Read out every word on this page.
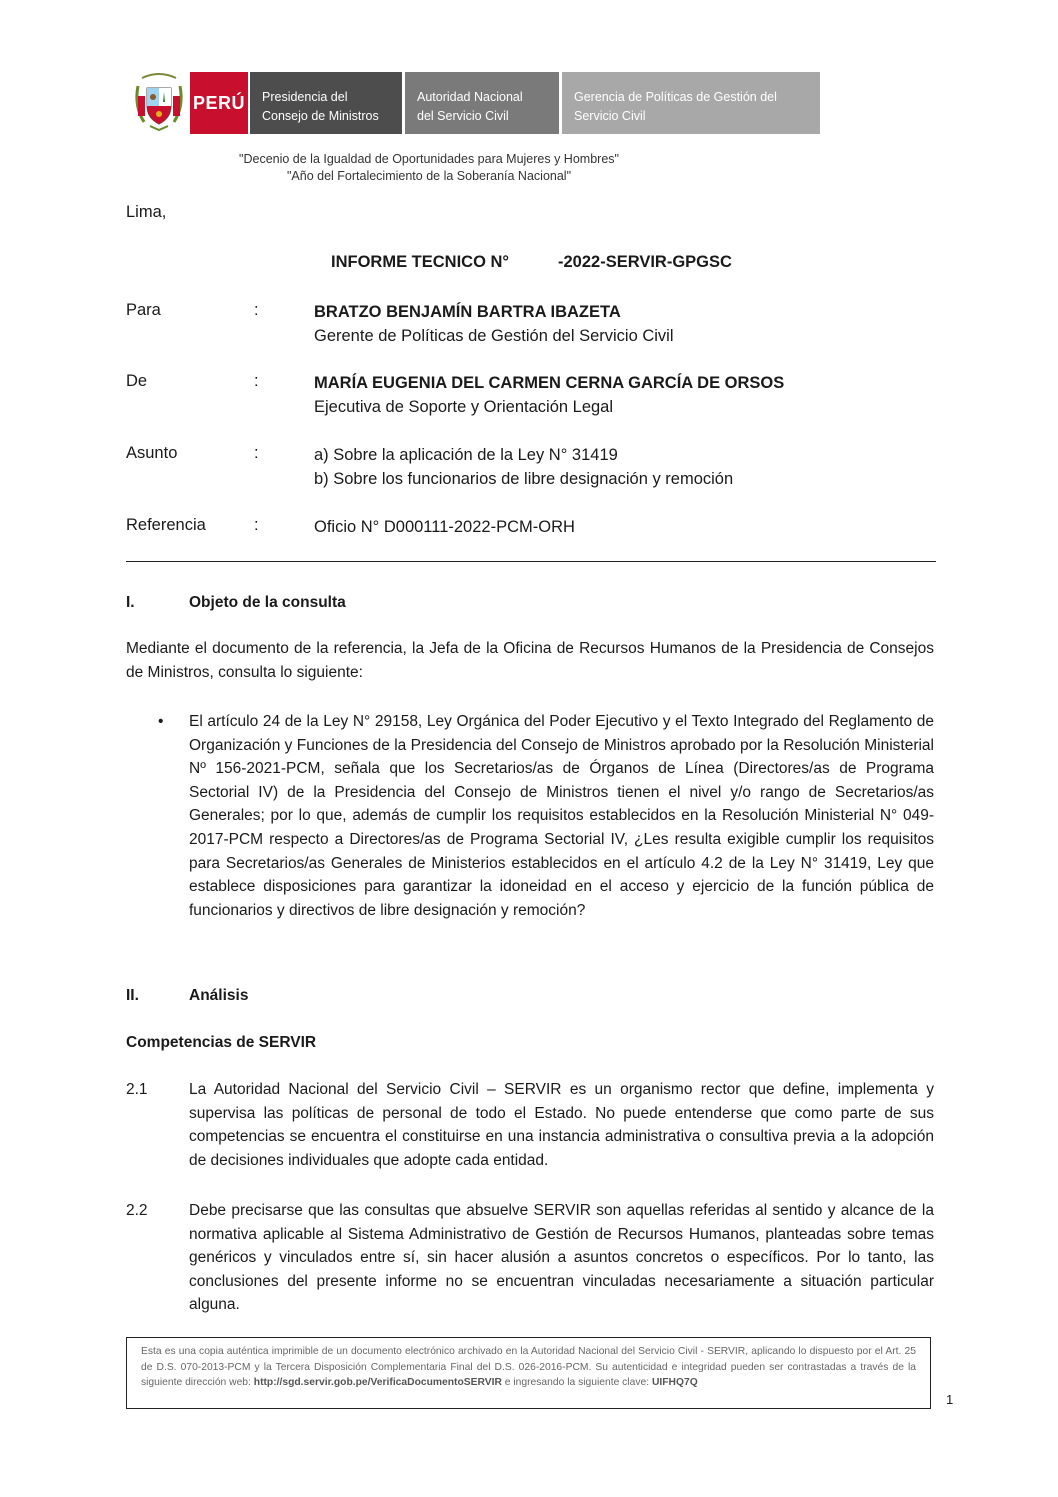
PERÚ Presidencia del
Consejo de Ministros
Autoridad Nacional
del Servicio Civil
Gerencia de Políticas de Gestión del
Servicio Civil
"Decenio de la Igualdad de Oportunidades para Mujeres y Hombres"
"Año del Fortalecimiento de la Soberanía Nacional"
Lima,
INFORME TECNICO N°	-2022-SERVIR-GPGSC
Para	:	BRATZO BENJAMÍN BARTRA IBAZETA
Gerente de Políticas de Gestión del Servicio Civil
De	:	MARÍA EUGENIA DEL CARMEN CERNA GARCÍA DE ORSOS
Ejecutiva de Soporte y Orientación Legal
Asunto	:	a) Sobre la aplicación de la Ley N° 31419
b) Sobre los funcionarios de libre designación y remoción
Referencia	:	Oficio N° D000111-2022-PCM-ORH
I.	Objeto de la consulta
Mediante el documento de la referencia, la Jefa de la Oficina de Recursos Humanos de la Presidencia de Consejos de Ministros, consulta lo siguiente:
• El artículo 24 de la Ley N° 29158, Ley Orgánica del Poder Ejecutivo y el Texto Integrado del Reglamento de Organización y Funciones de la Presidencia del Consejo de Ministros aprobado por la Resolución Ministerial Nº 156-2021-PCM, señala que los Secretarios/as de Órganos de Línea (Directores/as de Programa Sectorial IV) de la Presidencia del Consejo de Ministros tienen el nivel y/o rango de Secretarios/as Generales; por lo que, además de cumplir los requisitos establecidos en la Resolución Ministerial N° 049-2017-PCM respecto a Directores/as de Programa Sectorial IV, ¿Les resulta exigible cumplir los requisitos para Secretarios/as Generales de Ministerios establecidos en el artículo 4.2 de la Ley N° 31419, Ley que establece disposiciones para garantizar la idoneidad en el acceso y ejercicio de la función pública de funcionarios y directivos de libre designación y remoción?
II.	Análisis
Competencias de SERVIR
2.1	La Autoridad Nacional del Servicio Civil – SERVIR es un organismo rector que define, implementa y supervisa las políticas de personal de todo el Estado. No puede entenderse que como parte de sus competencias se encuentra el constituirse en una instancia administrativa o consultiva previa a la adopción de decisiones individuales que adopte cada entidad.
2.2	Debe precisarse que las consultas que absuelve SERVIR son aquellas referidas al sentido y alcance de la normativa aplicable al Sistema Administrativo de Gestión de Recursos Humanos, planteadas sobre temas genéricos y vinculados entre sí, sin hacer alusión a asuntos concretos o específicos. Por lo tanto, las conclusiones del presente informe no se encuentran vinculadas necesariamente a situación particular alguna.
Esta es una copia auténtica imprimible de un documento electrónico archivado en la Autoridad Nacional del Servicio Civil - SERVIR, aplicando lo dispuesto por el Art. 25 de D.S. 070-2013-PCM y la Tercera Disposición Complementaria Final del D.S. 026-2016-PCM. Su autenticidad e integridad pueden ser contrastadas a través de la siguiente dirección web: http://sgd.servir.gob.pe/VerificaDocumentoSERVIR e ingresando la siguiente clave: UIFHQ7Q
1
